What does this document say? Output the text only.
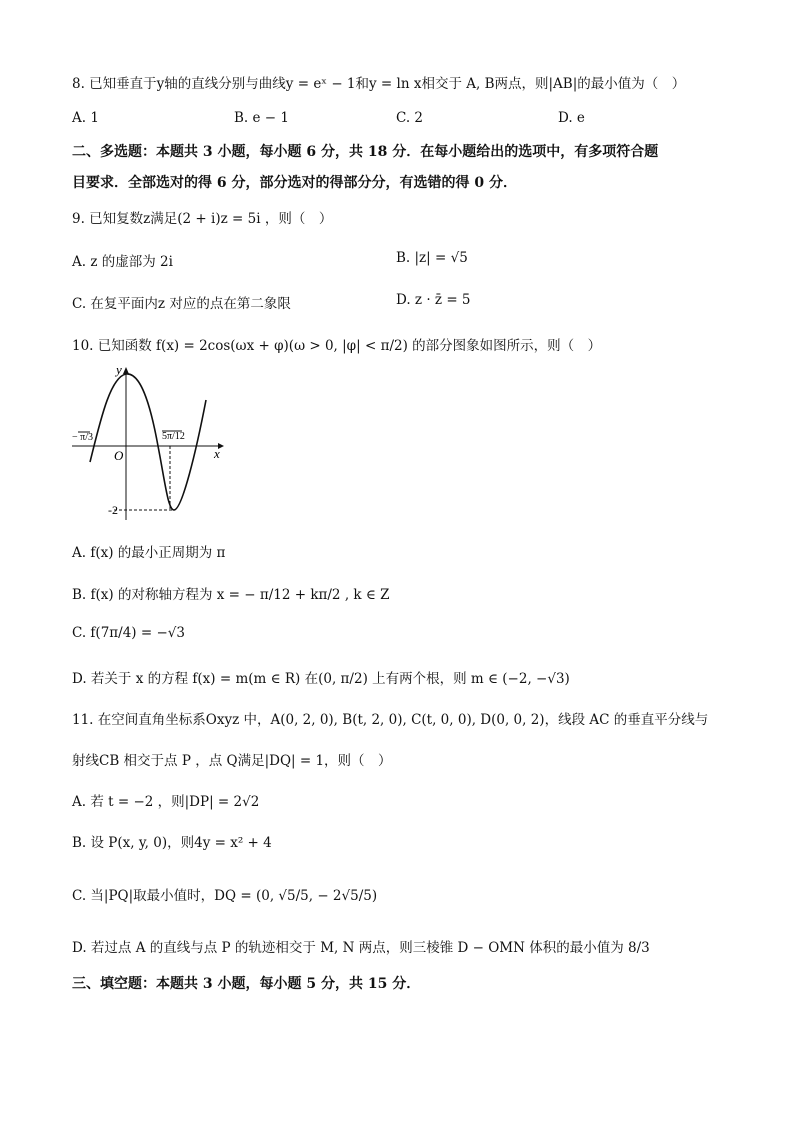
8. 已知垂直于y轴的直线分别与曲线y = eˣ − 1和y = ln x相交于 A, B两点，则|AB|的最小值为（　）
A. 1	B. e − 1	C. 2	D. e
二、多选题：本题共 3 小题，每小题 6 分，共 18 分．在每小题给出的选项中，有多项符合题
目要求．全部选对的得 6 分，部分选对的得部分分，有选错的得 0 分．
9. 已知复数z满足(2 + i)z = 5i ，则（　）
A. z 的虚部为 2i	B. |z| = √5
C. 在复平面内z 对应的点在第二象限	D. z · z̄ = 5
10. 已知函数 f(x) = 2cos(ωx + φ)(ω > 0, |φ| < π/2) 的部分图象如图所示，则（　）
y
x
O
− π/3	5π/12
-2
A. f(x) 的最小正周期为 π
B. f(x) 的对称轴方程为 x = − π/12 + kπ/2 , k ∈ Z
C. f(7π/4) = −√3
D. 若关于 x 的方程 f(x) = m(m ∈ R) 在(0, π/2) 上有两个根，则 m ∈ (−2, −√3)
11. 在空间直角坐标系Oxyz 中，A(0, 2, 0), B(t, 2, 0), C(t, 0, 0), D(0, 0, 2)，线段 AC 的垂直平分线与
射线CB 相交于点 P ，点 Q满足|DQ| = 1，则（　）
A. 若 t = −2 ，则|DP| = 2√2
B. 设 P(x, y, 0)，则4y = x² + 4
C. 当|PQ|取最小值时，DQ = (0, √5/5, − 2√5/5)
D. 若过点 A 的直线与点 P 的轨迹相交于 M, N 两点，则三棱锥 D − OMN 体积的最小值为 8/3
三、填空题：本题共 3 小题，每小题 5 分，共 15 分．
